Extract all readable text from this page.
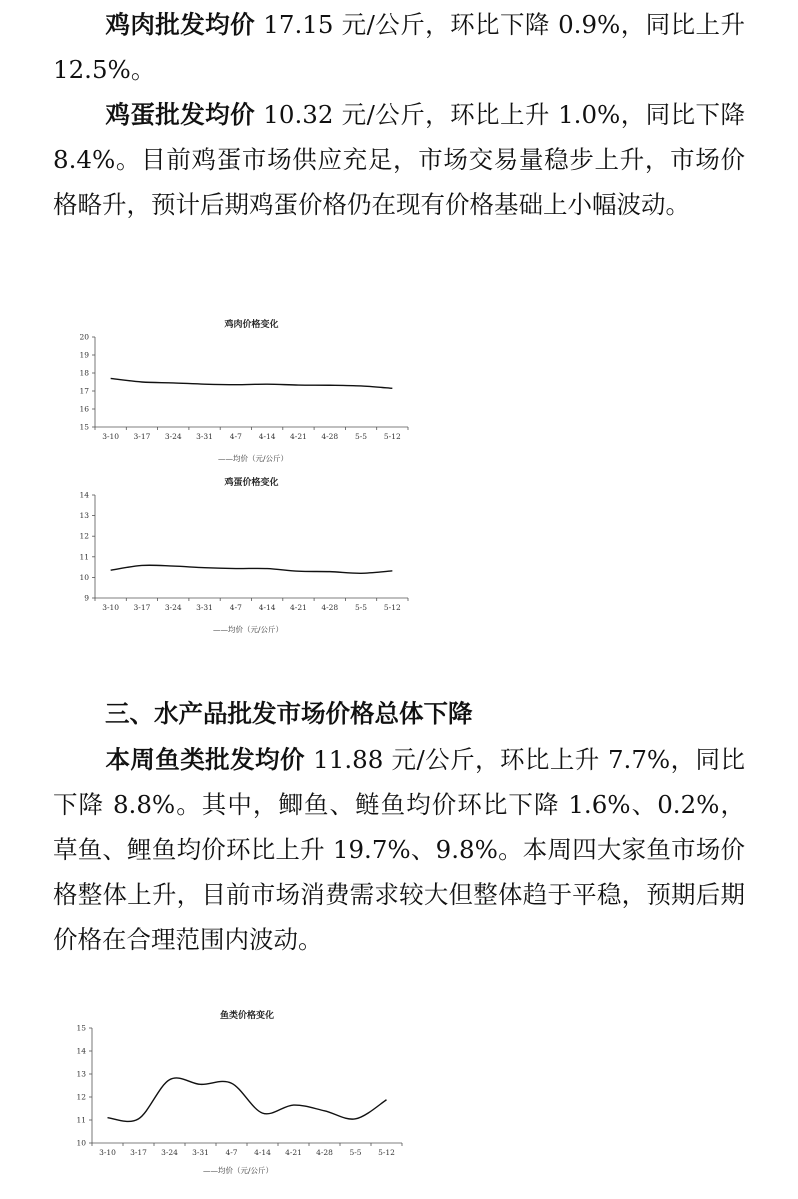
鸡肉批发均价 17.15 元/公斤，环比下降 0.9%，同比上升 12.5%。

鸡蛋批发均价 10.32 元/公斤，环比上升 1.0%，同比下降 8.4%。目前鸡蛋市场供应充足，市场交易量稳步上升，市场价格略升，预计后期鸡蛋价格仍在现有价格基础上小幅波动。

鸡肉价格变化
15
16
17
18
19
20
3-10 3-17 3-24 3-31 4-7 4-14 4-21 4-28 5-5 5-12
——均价（元/公斤）
鸡蛋价格变化
9
10
11
12
13
14
3-10 3-17 3-24 3-31 4-7 4-14 4-21 4-28 5-5 5-12
——均价（元/公斤）
三、水产品批发市场价格总体下降

本周鱼类批发均价 11.88 元/公斤，环比上升 7.7%，同比下降 8.8%。其中，鲫鱼、鲢鱼均价环比下降 1.6%、0.2%，草鱼、鲤鱼均价环比上升 19.7%、9.8%。本周四大家鱼市场价格整体上升，目前市场消费需求较大但整体趋于平稳，预期后期价格在合理范围内波动。

鱼类价格变化
10
11
12
13
14
15
3-10 3-17 3-24 3-31 4-7 4-14 4-21 4-28 5-5 5-12
——均价（元/公斤）
